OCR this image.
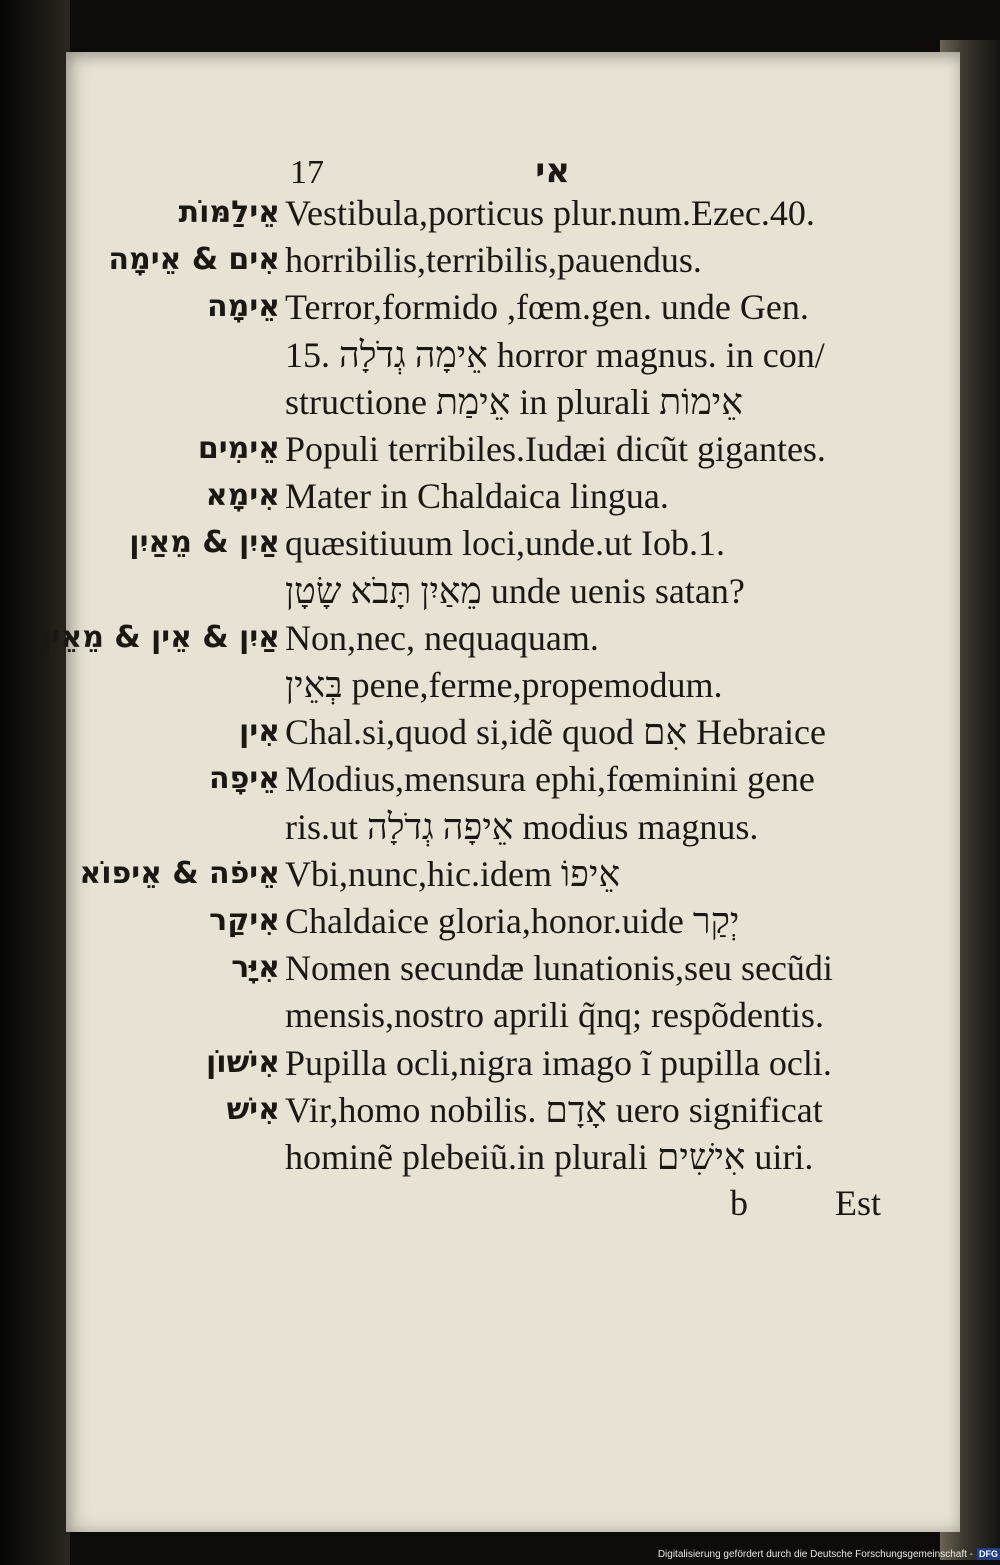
17	אי
אֵילַמּוֹת Vestibula,porticus plur.num.Ezec.40.
אִים & אֵימָה horribilis,terribilis,pauendus.
אֵימָה Terror,formido ,fœm.gen. unde Gen.
15. אֵימָה גְדֹלָה horror magnus. in con/
structione אֵימַת in plurali אֵימוֹת
אֵימִים Populi terribiles.Iudæi dicũt gigantes.
אִימָא Mater in Chaldaica lingua.
אַיִן & מֵאַיִן quæsitiuum loci,unde.ut Iob.1.
מֵאַיִן תָּבֹא שָׂטָן unde uenis satan?
אַיִן & אֵין & מֵאֵין Non,nec, nequaquam.
בְּאֵין pene,ferme,propemodum.
אִין Chal.si,quod si,idẽ quod אִם Hebraice
אֵיפָה Modius,mensura ephi,fœminini gene
ris.ut אֵיפָה גְדֹלָה modius magnus.
אֵיפֹה & אֵיפוֹא Vbi,nunc,hic.idem אֵיפוֹ
אִיקַר Chaldaice gloria,honor.uide יְקַר
אִיָּר Nomen secundæ lunationis,seu secũdi
mensis,nostro aprili q̃nq; respõdentis.
אִישׁוֹן Pupilla ocli,nigra imago ĩ pupilla ocli.
אִישׁ Vir,homo nobilis. אָדָם uero significat
hominẽ plebeiũ.in plurali אִישִׁים uiri.
b Est
Digitalisierung gefördert durch die Deutsche Forschungsgemeinschaft - DFG
